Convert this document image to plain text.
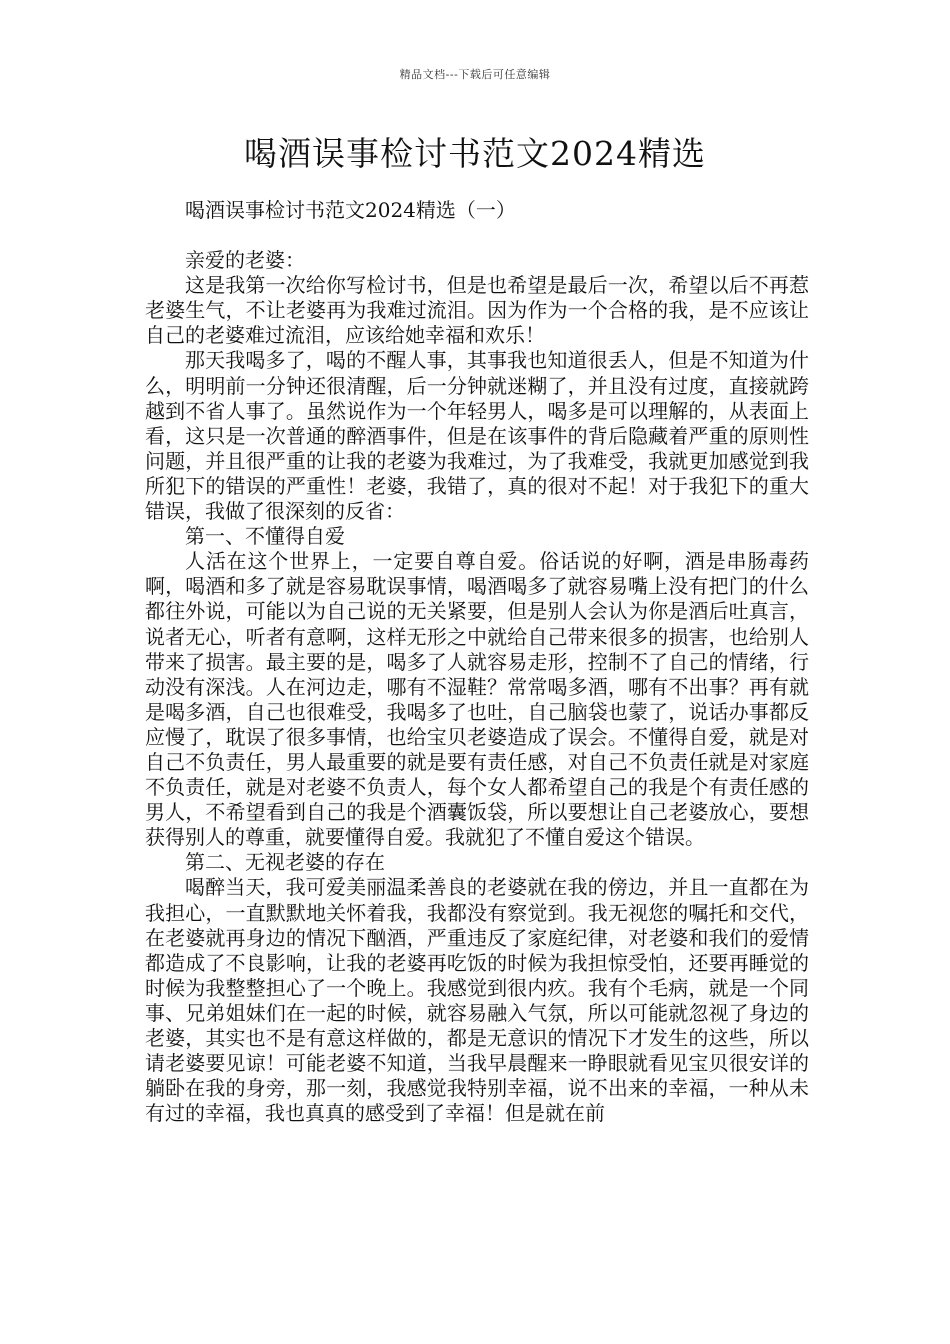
精品文档---下载后可任意编辑
喝酒误事检讨书范文2024精选

喝酒误事检讨书范文2024精选（一）

亲爱的老婆：

这是我第一次给你写检讨书，但是也希望是最后一次，希望以后不再惹老婆生气，不让老婆再为我难过流泪。因为作为一个合格的我，是不应该让自己的老婆难过流泪，应该给她幸福和欢乐！

那天我喝多了，喝的不醒人事，其事我也知道很丢人，但是不知道为什么，明明前一分钟还很清醒，后一分钟就迷糊了，并且没有过度，直接就跨越到不省人事了。虽然说作为一个年轻男人，喝多是可以理解的，从表面上看，这只是一次普通的醉酒事件，但是在该事件的背后隐藏着严重的原则性问题，并且很严重的让我的老婆为我难过，为了我难受，我就更加感觉到我所犯下的错误的严重性！老婆，我错了，真的很对不起！对于我犯下的重大错误，我做了很深刻的反省：

第一、不懂得自爱

人活在这个世界上，一定要自尊自爱。俗话说的好啊，酒是串肠毒药啊，喝酒和多了就是容易耽误事情，喝酒喝多了就容易嘴上没有把门的什么都往外说，可能以为自己说的无关紧要，但是别人会认为你是酒后吐真言，说者无心，听者有意啊，这样无形之中就给自己带来很多的损害，也给别人带来了损害。最主要的是，喝多了人就容易走形，控制不了自己的情绪，行动没有深浅。人在河边走，哪有不湿鞋？常常喝多酒，哪有不出事？再有就是喝多酒，自己也很难受，我喝多了也吐，自己脑袋也蒙了，说话办事都反应慢了，耽误了很多事情，也给宝贝老婆造成了误会。不懂得自爱，就是对自己不负责任，男人最重要的就是要有责任感，对自己不负责任就是对家庭不负责任，就是对老婆不负责人，每个女人都希望自己的我是个有责任感的男人，不希望看到自己的我是个酒囊饭袋，所以要想让自己老婆放心，要想获得别人的尊重，就要懂得自爱。我就犯了不懂自爱这个错误。

第二、无视老婆的存在

喝醉当天，我可爱美丽温柔善良的老婆就在我的傍边，并且一直都在为我担心，一直默默地关怀着我，我都没有察觉到。我无视您的嘱托和交代，在老婆就再身边的情况下酗酒，严重违反了家庭纪律，对老婆和我们的爱情都造成了不良影响，让我的老婆再吃饭的时候为我担惊受怕，还要再睡觉的时候为我整整担心了一个晚上。我感觉到很内疚。我有个毛病，就是一个同事、兄弟姐妹们在一起的时候，就容易融入气氛，所以可能就忽视了身边的老婆，其实也不是有意这样做的，都是无意识的情况下才发生的这些，所以请老婆要见谅！可能老婆不知道，当我早晨醒来一睁眼就看见宝贝很安详的躺卧在我的身旁，那一刻，我感觉我特别幸福，说不出来的幸福，一种从未有过的幸福，我也真真的感受到了幸福！但是就在前
